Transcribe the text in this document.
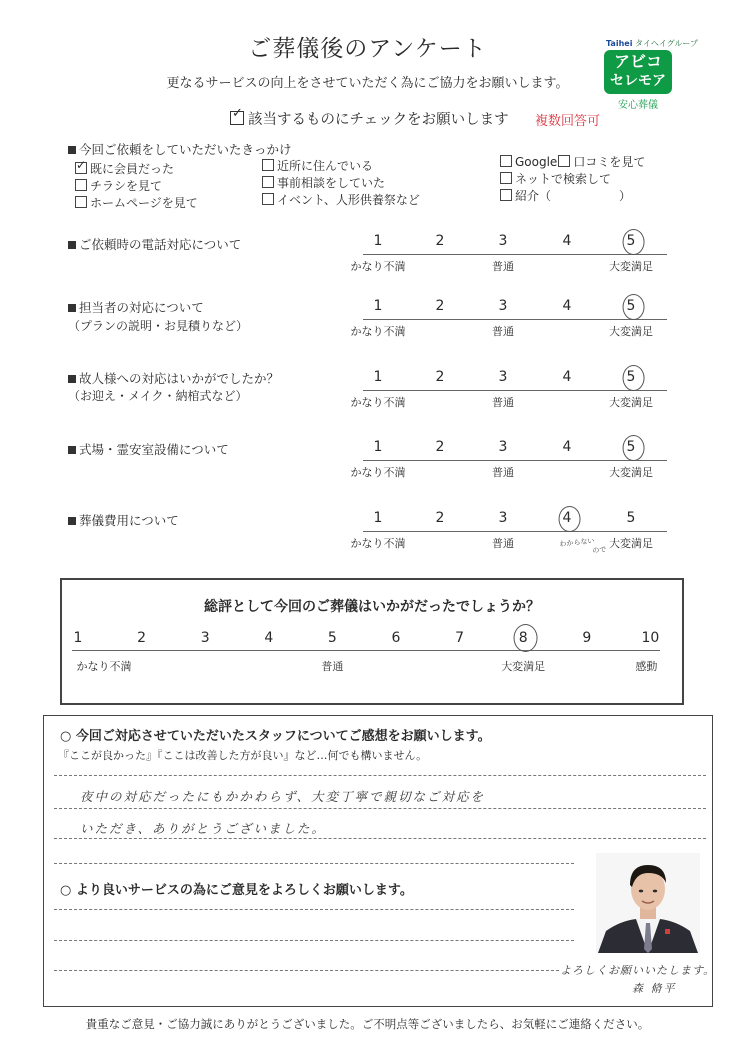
ご葬儀後のアンケート
更なるサービスの向上をさせていただく為にご協力をお願いします。
✓該当するものにチェックをお願いします 複数回答可
Taihei タイヘイグループ
アビコ
セレモア
安心葬儀
今回ご依頼をしていただいたきっかけ
✓既に会員だった
チラシを見て
ホームページを見て
近所に住んでいる
事前相談をしていた
イベント、人形供養祭など
Google 口コミを見て
ネットで検索して
紹介（	）
ご依頼時の電話対応について	1	2	3	4	5
かなり不満	普通	大変満足
担当者の対応について
（プランの説明・お見積りなど）
1	2	3	4	5
かなり不満	普通	大変満足
故人様への対応はいかがでしたか？
（お迎え・メイク・納棺式など）
1	2	3	4	5
かなり不満	普通	大変満足
式場・霊安室設備について	1	2	3	4	5
かなり不満	普通	大変満足
葬儀費用について	1	2	3	4	5
かなり不満	普通	大変満足
わからない
ので
総評として今回のご葬儀はいかがだったでしょうか？
1	2	3	4	5	6	7	8	9	10
かなり不満	普通	大変満足	感動
○ 今回ご対応させていただいたスタッフについてご感想をお願いします。
『ここが良かった』『ここは改善した方が良い』など…何でも構いません。
夜中の対応だったにもかかわらず、大変丁寧で親切なご対応を
いただき、ありがとうございました。
○ より良いサービスの為にご意見をよろしくお願いします。
よろしくお願いいたします。
森 脩平
貴重なご意見・ご協力誠にありがとうございました。ご不明点等ございましたら、お気軽にご連絡ください。
